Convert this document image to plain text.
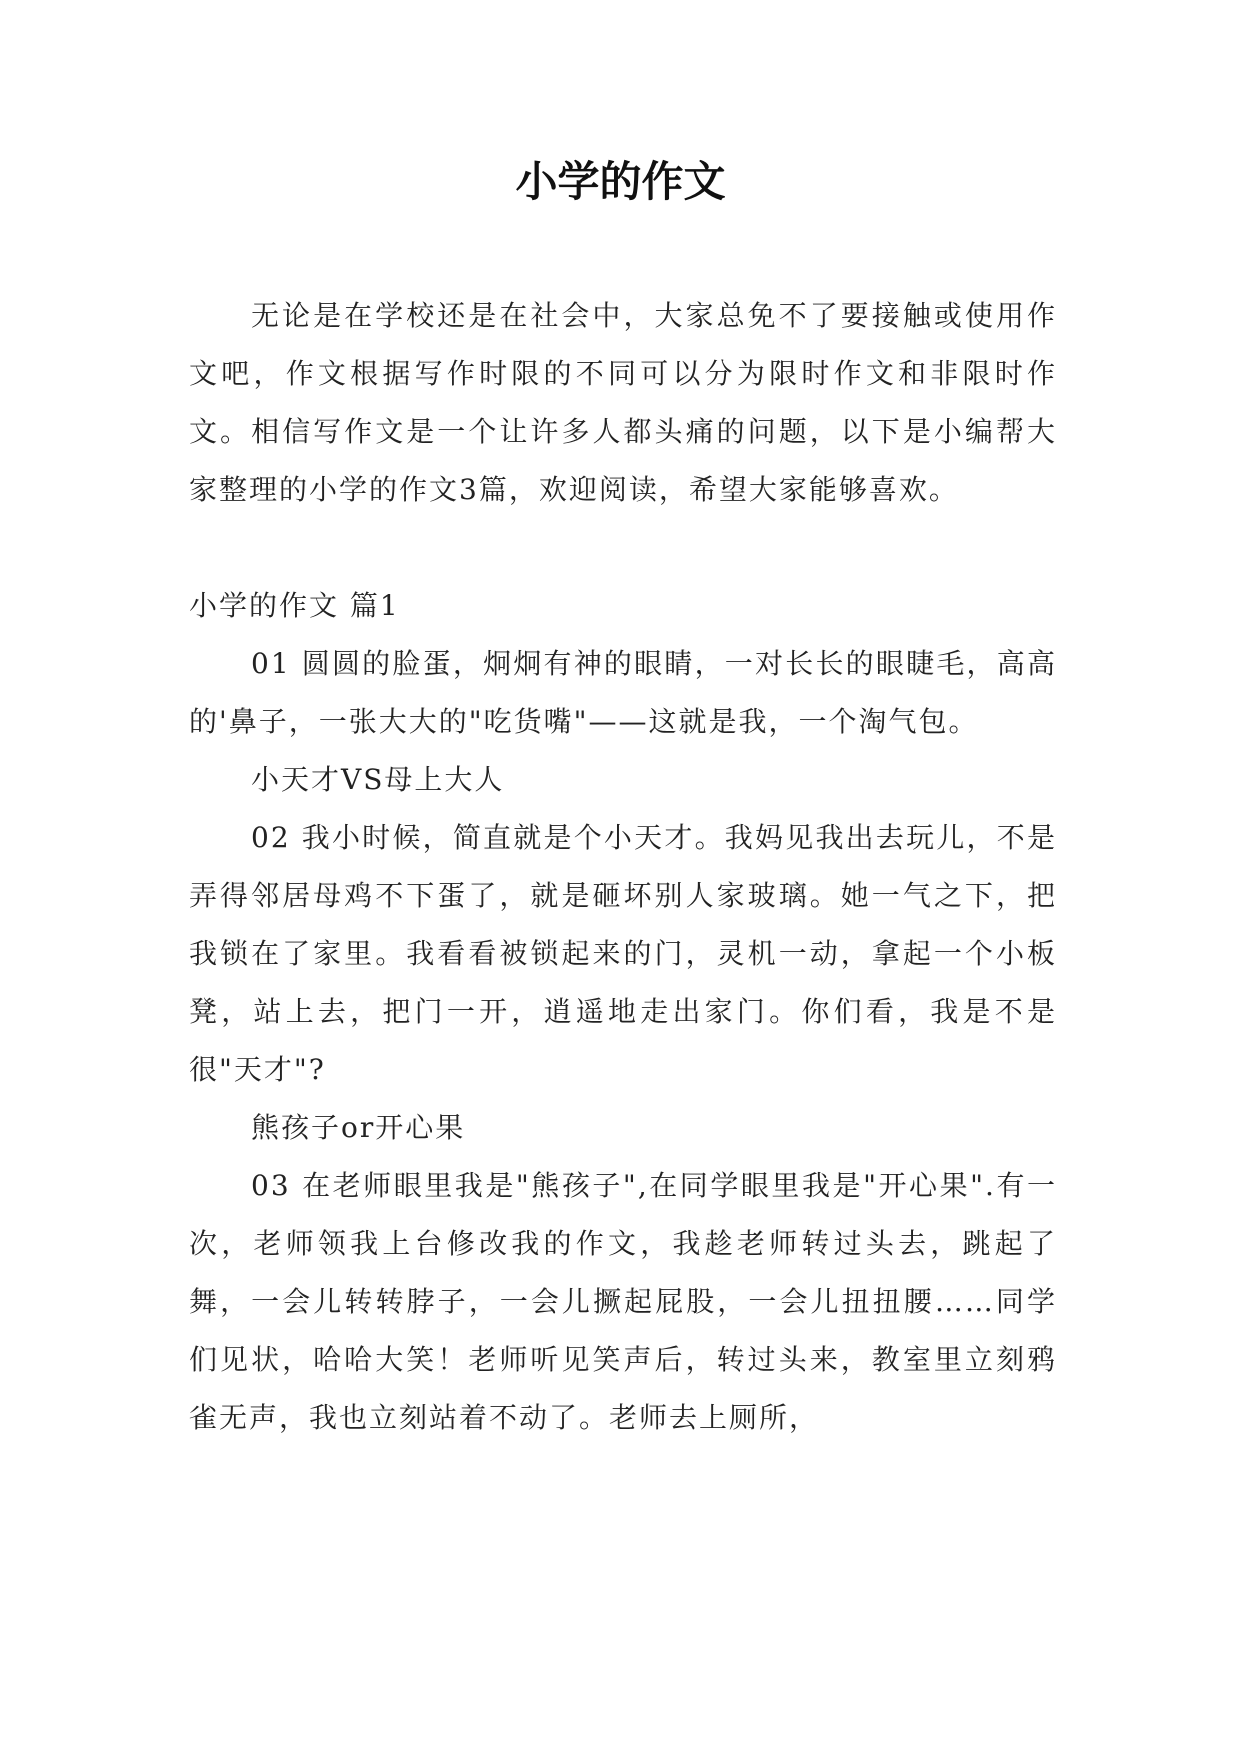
小学的作文

无论是在学校还是在社会中，大家总免不了要接触或使用作文吧，作文根据写作时限的不同可以分为限时作文和非限时作文。相信写作文是一个让许多人都头痛的问题，以下是小编帮大家整理的小学的作文3篇，欢迎阅读，希望大家能够喜欢。

小学的作文 篇1

01 圆圆的脸蛋，炯炯有神的眼睛，一对长长的眼睫毛，高高的'鼻子，一张大大的"吃货嘴"——这就是我，一个淘气包。

小天才VS母上大人

02 我小时候，简直就是个小天才。我妈见我出去玩儿，不是弄得邻居母鸡不下蛋了，就是砸坏别人家玻璃。她一气之下，把我锁在了家里。我看看被锁起来的门，灵机一动，拿起一个小板凳，站上去，把门一开，逍遥地走出家门。你们看，我是不是很"天才"?

熊孩子or开心果

03 在老师眼里我是"熊孩子",在同学眼里我是"开心果".有一次，老师领我上台修改我的作文，我趁老师转过头去，跳起了舞，一会儿转转脖子，一会儿撅起屁股，一会儿扭扭腰……同学们见状，哈哈大笑！老师听见笑声后，转过头来，教室里立刻鸦雀无声，我也立刻站着不动了。老师去上厕所，
